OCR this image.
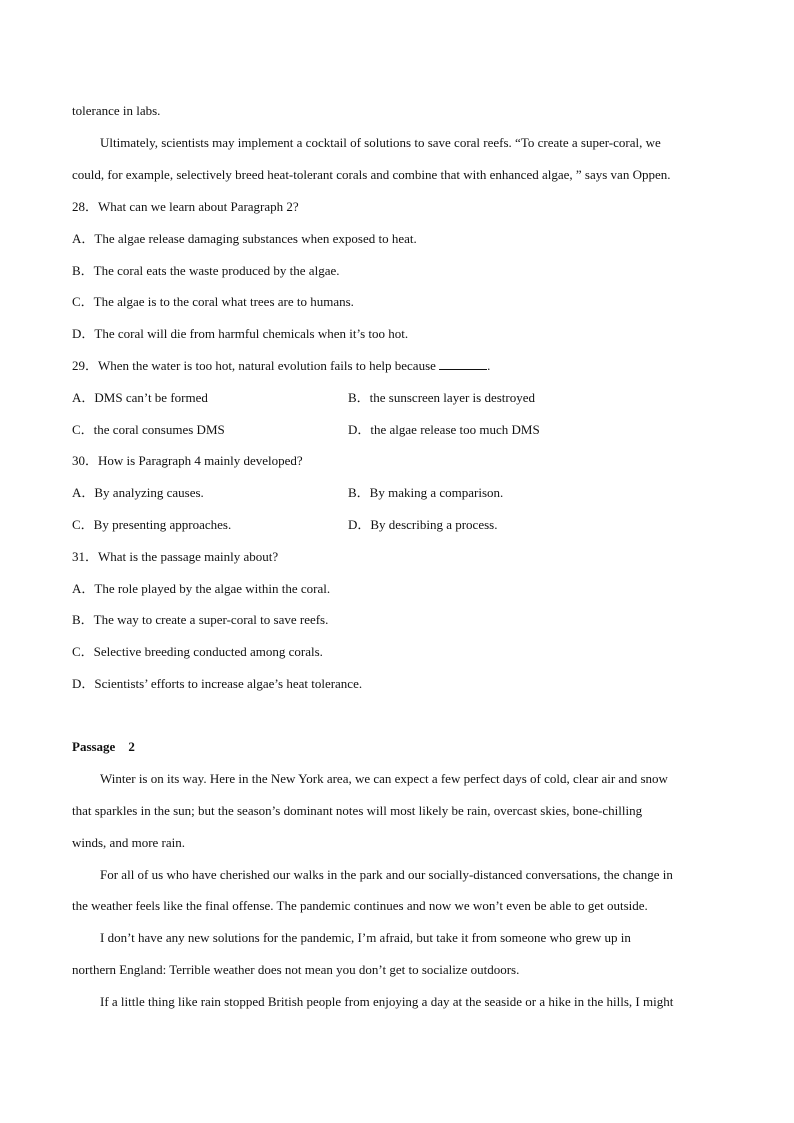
tolerance in labs.
Ultimately, scientists may implement a cocktail of solutions to save coral reefs. “To create a super-coral, we
could, for example, selectively breed heat-tolerant corals and combine that with enhanced algae, ” says van Oppen.
28．What can we learn about Paragraph 2?
A．The algae release damaging substances when exposed to heat.
B．The coral eats the waste produced by the algae.
C．The algae is to the coral what trees are to humans.
D．The coral will die from harmful chemicals when it’s too hot.
29．When the water is too hot, natural evolution fails to help because	.
A．DMS can’t be formed	B．the sunscreen layer is destroyed
C．the coral consumes DMS	D．the algae release too much DMS
30．How is Paragraph 4 mainly developed?
A．By analyzing causes.	B．By making a comparison.
C．By presenting approaches.	D．By describing a process.
31．What is the passage mainly about?
A．The role played by the algae within the coral.
B．The way to create a super-coral to save reefs.
C．Selective breeding conducted among corals.
D．Scientists’ efforts to increase algae’s heat tolerance.
Passage    2
Winter is on its way. Here in the New York area, we can expect a few perfect days of cold, clear air and snow
that sparkles in the sun; but the season’s dominant notes will most likely be rain, overcast skies, bone-chilling
winds, and more rain.
For all of us who have cherished our walks in the park and our socially-distanced conversations, the change in
the weather feels like the final offense. The pandemic continues and now we won’t even be able to get outside.
I don’t have any new solutions for the pandemic, I’m afraid, but take it from someone who grew up in
northern England: Terrible weather does not mean you don’t get to socialize outdoors.
If a little thing like rain stopped British people from enjoying a day at the seaside or a hike in the hills, I might
